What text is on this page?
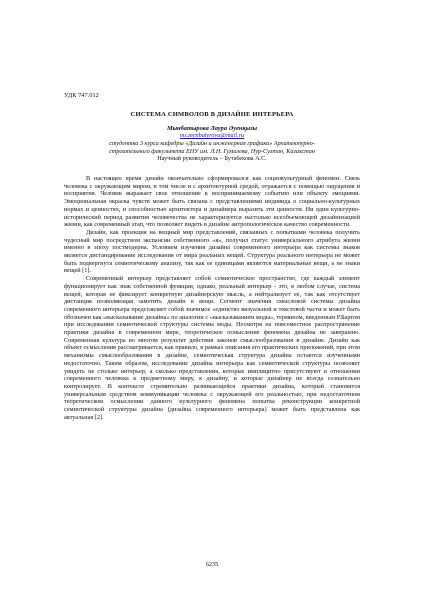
УДК 747.012
СИСТЕМА СИМВОЛОВ В ДИЗАЙНЕ ИНТЕРЬЕРА
Мынбатырова Лаура Әуенқызы
ms.mynbatyrova@mail.ru
студентка 3 курса кафедры «Дизайн и инженерная графика» Архитектурно-
строительного факультета ЕНУ им. Л.Н. Гумилева, Нур-Султан, Казахстан
Научный руководитель – Бутабекова А.С.

В настоящее время дизайн окончательно сформировался как социокультурный феномен. Связь человека с окружающим миром, в том числе и с архитектурной средой, отражается с помощью ощущения и восприятия. Человек выражает свое отношение к воспринимаемому событию или объекту эмоциями. Эмоциональная окраска чувств может быть связана с представлениями индивида о социально-культурных нормах и ценностях, и способностью архитектора и дизайнера выразить эти ценности. Ни один культурно-исторический период развития человечества не характеризуется настолько всеобъемлющей дизайнизацией жизни, как современный этап, что позволяет видеть в дизайне антропологическое качество современности.

Дизайн, как проекция на вещный мир представлений, связанных с попытками человека получить чудесный мир посредством экспансии собственного «я», получил статус универсального атрибута жизни именно в эпоху постмодерна. Условием изучения дизайна современного интерьера как системы знаков является дистанцирование исследования от мира реальных вещей. Структура реального интерьера не может быть подвергнута семиотическому анализу, так как ее единицами являются материальные вещи, а не знаки вещей [1].

Современный интерьер представляет собой семиотическое пространство, где каждый элемент функционирует как знак собственной функции, однако, реальный интерьер - это, в любом случае, система вещей, которая не фиксирует конкретную дизайнерскую мысль, а нейтрализует ее, так как отсутствует дистанция позволяющая заметить дизайн в вещи. Сегмент значения смысловой системы дизайна современного интерьера представляет собой значимое «единство визуальной и текстовой части и может быть обозначен как «высказывание дизайна» по аналогии с «высказыванием моды», термином, введенным Р.Бартом при исследовании семиотической структуры системы моды. Несмотря на повсеместное распространение практики дизайна в современном мире, теоретическое осмысление феномена дизайна не завершено. Современная культура во многом результат действия законов смыслообразования в дизайне. Дизайн как объект осмысления рассматривается, как правило, в рамках описания его практических приложений, при этом механизмы смыслообразования в дизайне, семиотическая структура дизайна остаются изученными недостаточно. Таким образом, исследование дизайна интерьера как семиотической структуры позволяет увидеть не столько интерьер, а сколько представления, которые имплицитно присутствуют в отношении современного человека к предметному миру, к дизайну, и которые дизайнер не всегда сознательно контролирует. В контексте стремительно развивающейся практики дизайна, который становится универсальным средством коммуникации человека с окружающей его реальностью, при недостаточном теоретическом осмыслении данного культурного феномена попытка реконструкции конкретной семиотической структуры дизайна (дизайна современного интерьера) может быть представлена как актуальная [2].

6235
